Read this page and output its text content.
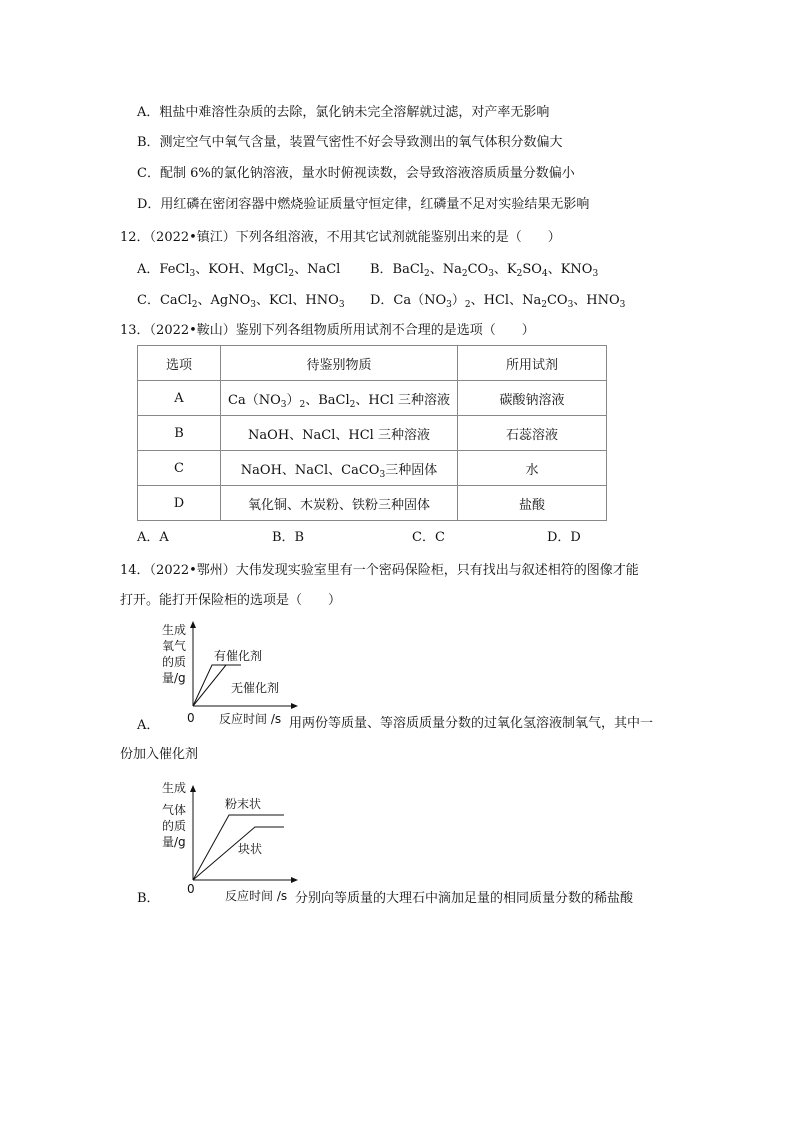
A．粗盐中难溶性杂质的去除，氯化钠未完全溶解就过滤，对产率无影响
B．测定空气中氧气含量，装置气密性不好会导致测出的氧气体积分数偏大
C．配制 6%的氯化钠溶液，量水时俯视读数，会导致溶液溶质质量分数偏小
D．用红磷在密闭容器中燃烧验证质量守恒定律，红磷量不足对实验结果无影响
12．（2022•镇江）下列各组溶液，不用其它试剂就能鉴别出来的是（　　）
A．FeCl$_3$、KOH、MgCl$_2$、NaCl B．BaCl$_2$、$Na_2CO_3$、$K_2SO_4$、$KNO_3$
C．CaCl$_2$、AgNO$_3$、KCl、$HNO_3$ D．$Ca(NO_3)_2$、HCl、$Na_2CO_3$、$HNO_3$
13．（2022•鞍山）鉴别下列各组物质所用试剂不合理的是选项（　　）
选项	待鉴别物质	所用试剂
A	$Ca(NO_3)_2$、BaCl$_2$、HCl 三种溶液	碳酸钠溶液
B	NaOH、NaCl、HCl 三种溶液	石蕊溶液
C	NaOH、NaCl、CaCO$_3$三种固体	水
D	氧化铜、木炭粉、铁粉三种固体	盐酸
A．A	B．B	C．C	D．D
14．（2022•鄂州）大伟发现实验室里有一个密码保险柜，只有找出与叙述相符的图像才能
打开。能打开保险柜的选项是（　　）
生成
氧气
的质
量/g
有催化剂
无催化剂
0
A．	反应时间 /s 用两份等质量、等溶质质量分数的过氧化氢溶液制氧气，其中一
份加入催化剂
生成
气体
的质
量/g
粉末状
块状
0
B．	反应时间 /s 分别向等质量的大理石中滴加足量的相同质量分数的稀盐酸
